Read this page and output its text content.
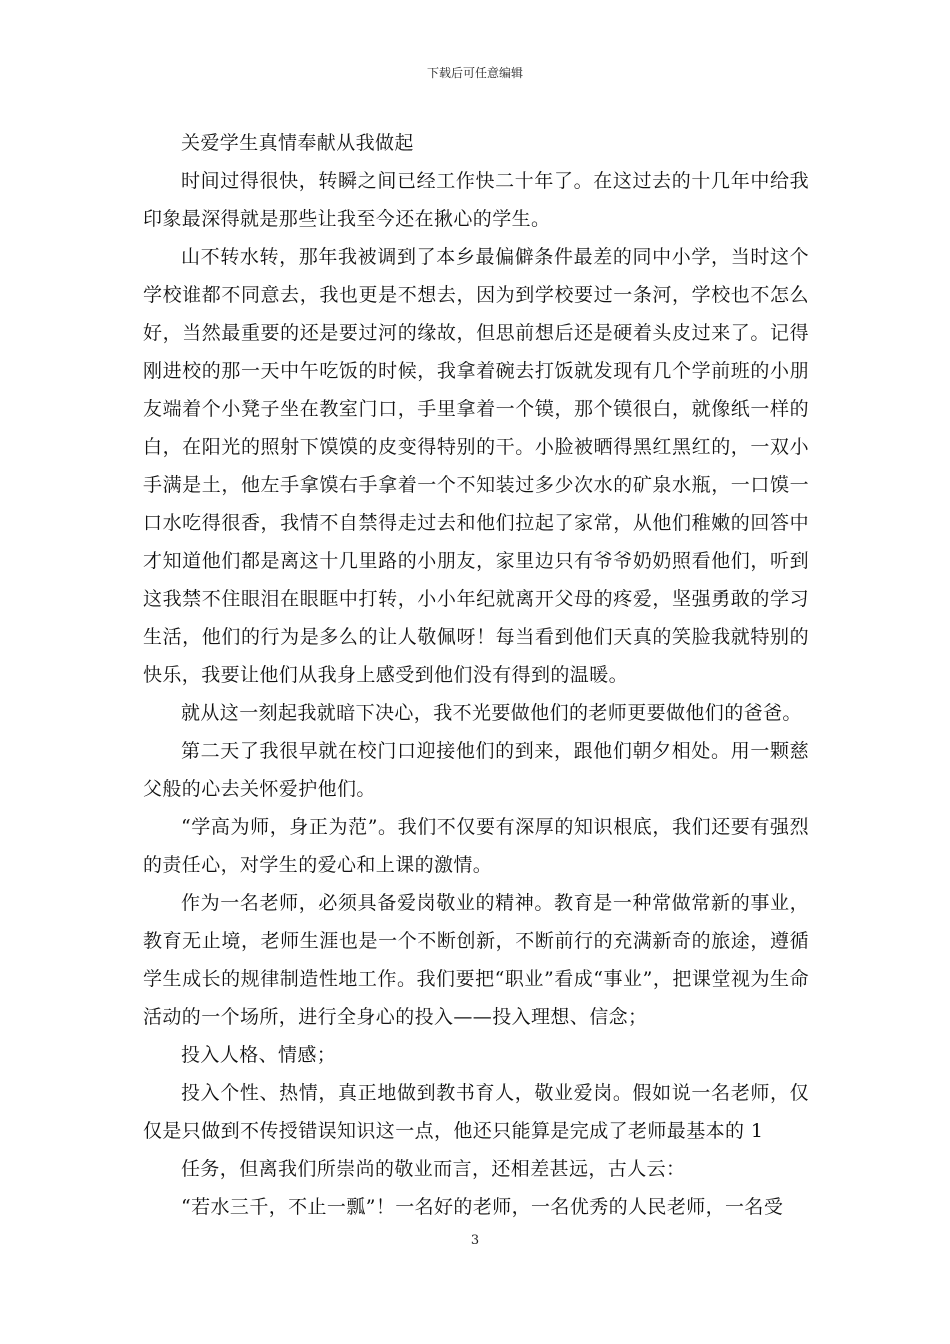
下载后可任意编辑

关爱学生真情奉献从我做起

时间过得很快，转瞬之间已经工作快二十年了。在这过去的十几年中给我印象最深得就是那些让我至今还在揪心的学生。

山不转水转，那年我被调到了本乡最偏僻条件最差的同中小学，当时这个学校谁都不同意去，我也更是不想去，因为到学校要过一条河，学校也不怎么好，当然最重要的还是要过河的缘故，但思前想后还是硬着头皮过来了。记得刚进校的那一天中午吃饭的时候，我拿着碗去打饭就发现有几个学前班的小朋友端着个小凳子坐在教室门口，手里拿着一个镆，那个镆很白，就像纸一样的白，在阳光的照射下馍馍的皮变得特别的干。小脸被晒得黑红黑红的，一双小手满是土，他左手拿馍右手拿着一个不知装过多少次水的矿泉水瓶，一口馍一口水吃得很香，我情不自禁得走过去和他们拉起了家常，从他们稚嫩的回答中才知道他们都是离这十几里路的小朋友，家里边只有爷爷奶奶照看他们，听到这我禁不住眼泪在眼眶中打转，小小年纪就离开父母的疼爱，坚强勇敢的学习生活，他们的行为是多么的让人敬佩呀！每当看到他们天真的笑脸我就特别的快乐，我要让他们从我身上感受到他们没有得到的温暖。

就从这一刻起我就暗下决心，我不光要做他们的老师更要做他们的爸爸。

第二天了我很早就在校门口迎接他们的到来，跟他们朝夕相处。用一颗慈父般的心去关怀爱护他们。

“学高为师，身正为范”。我们不仅要有深厚的知识根底，我们还要有强烈的责任心，对学生的爱心和上课的激情。

作为一名老师，必须具备爱岗敬业的精神。教育是一种常做常新的事业，教育无止境，老师生涯也是一个不断创新，不断前行的充满新奇的旅途，遵循学生成长的规律制造性地工作。我们要把“职业”看成“事业”，把课堂视为生命活动的一个场所，进行全身心的投入——投入理想、信念；

投入人格、情感；

投入个性、热情，真正地做到教书育人，敬业爱岗。假如说一名老师，仅仅是只做到不传授错误知识这一点，他还只能算是完成了老师最基本的 1

任务，但离我们所崇尚的敬业而言，还相差甚远，古人云：

“若水三千，不止一瓢”！一名好的老师，一名优秀的人民老师，一名受

3
